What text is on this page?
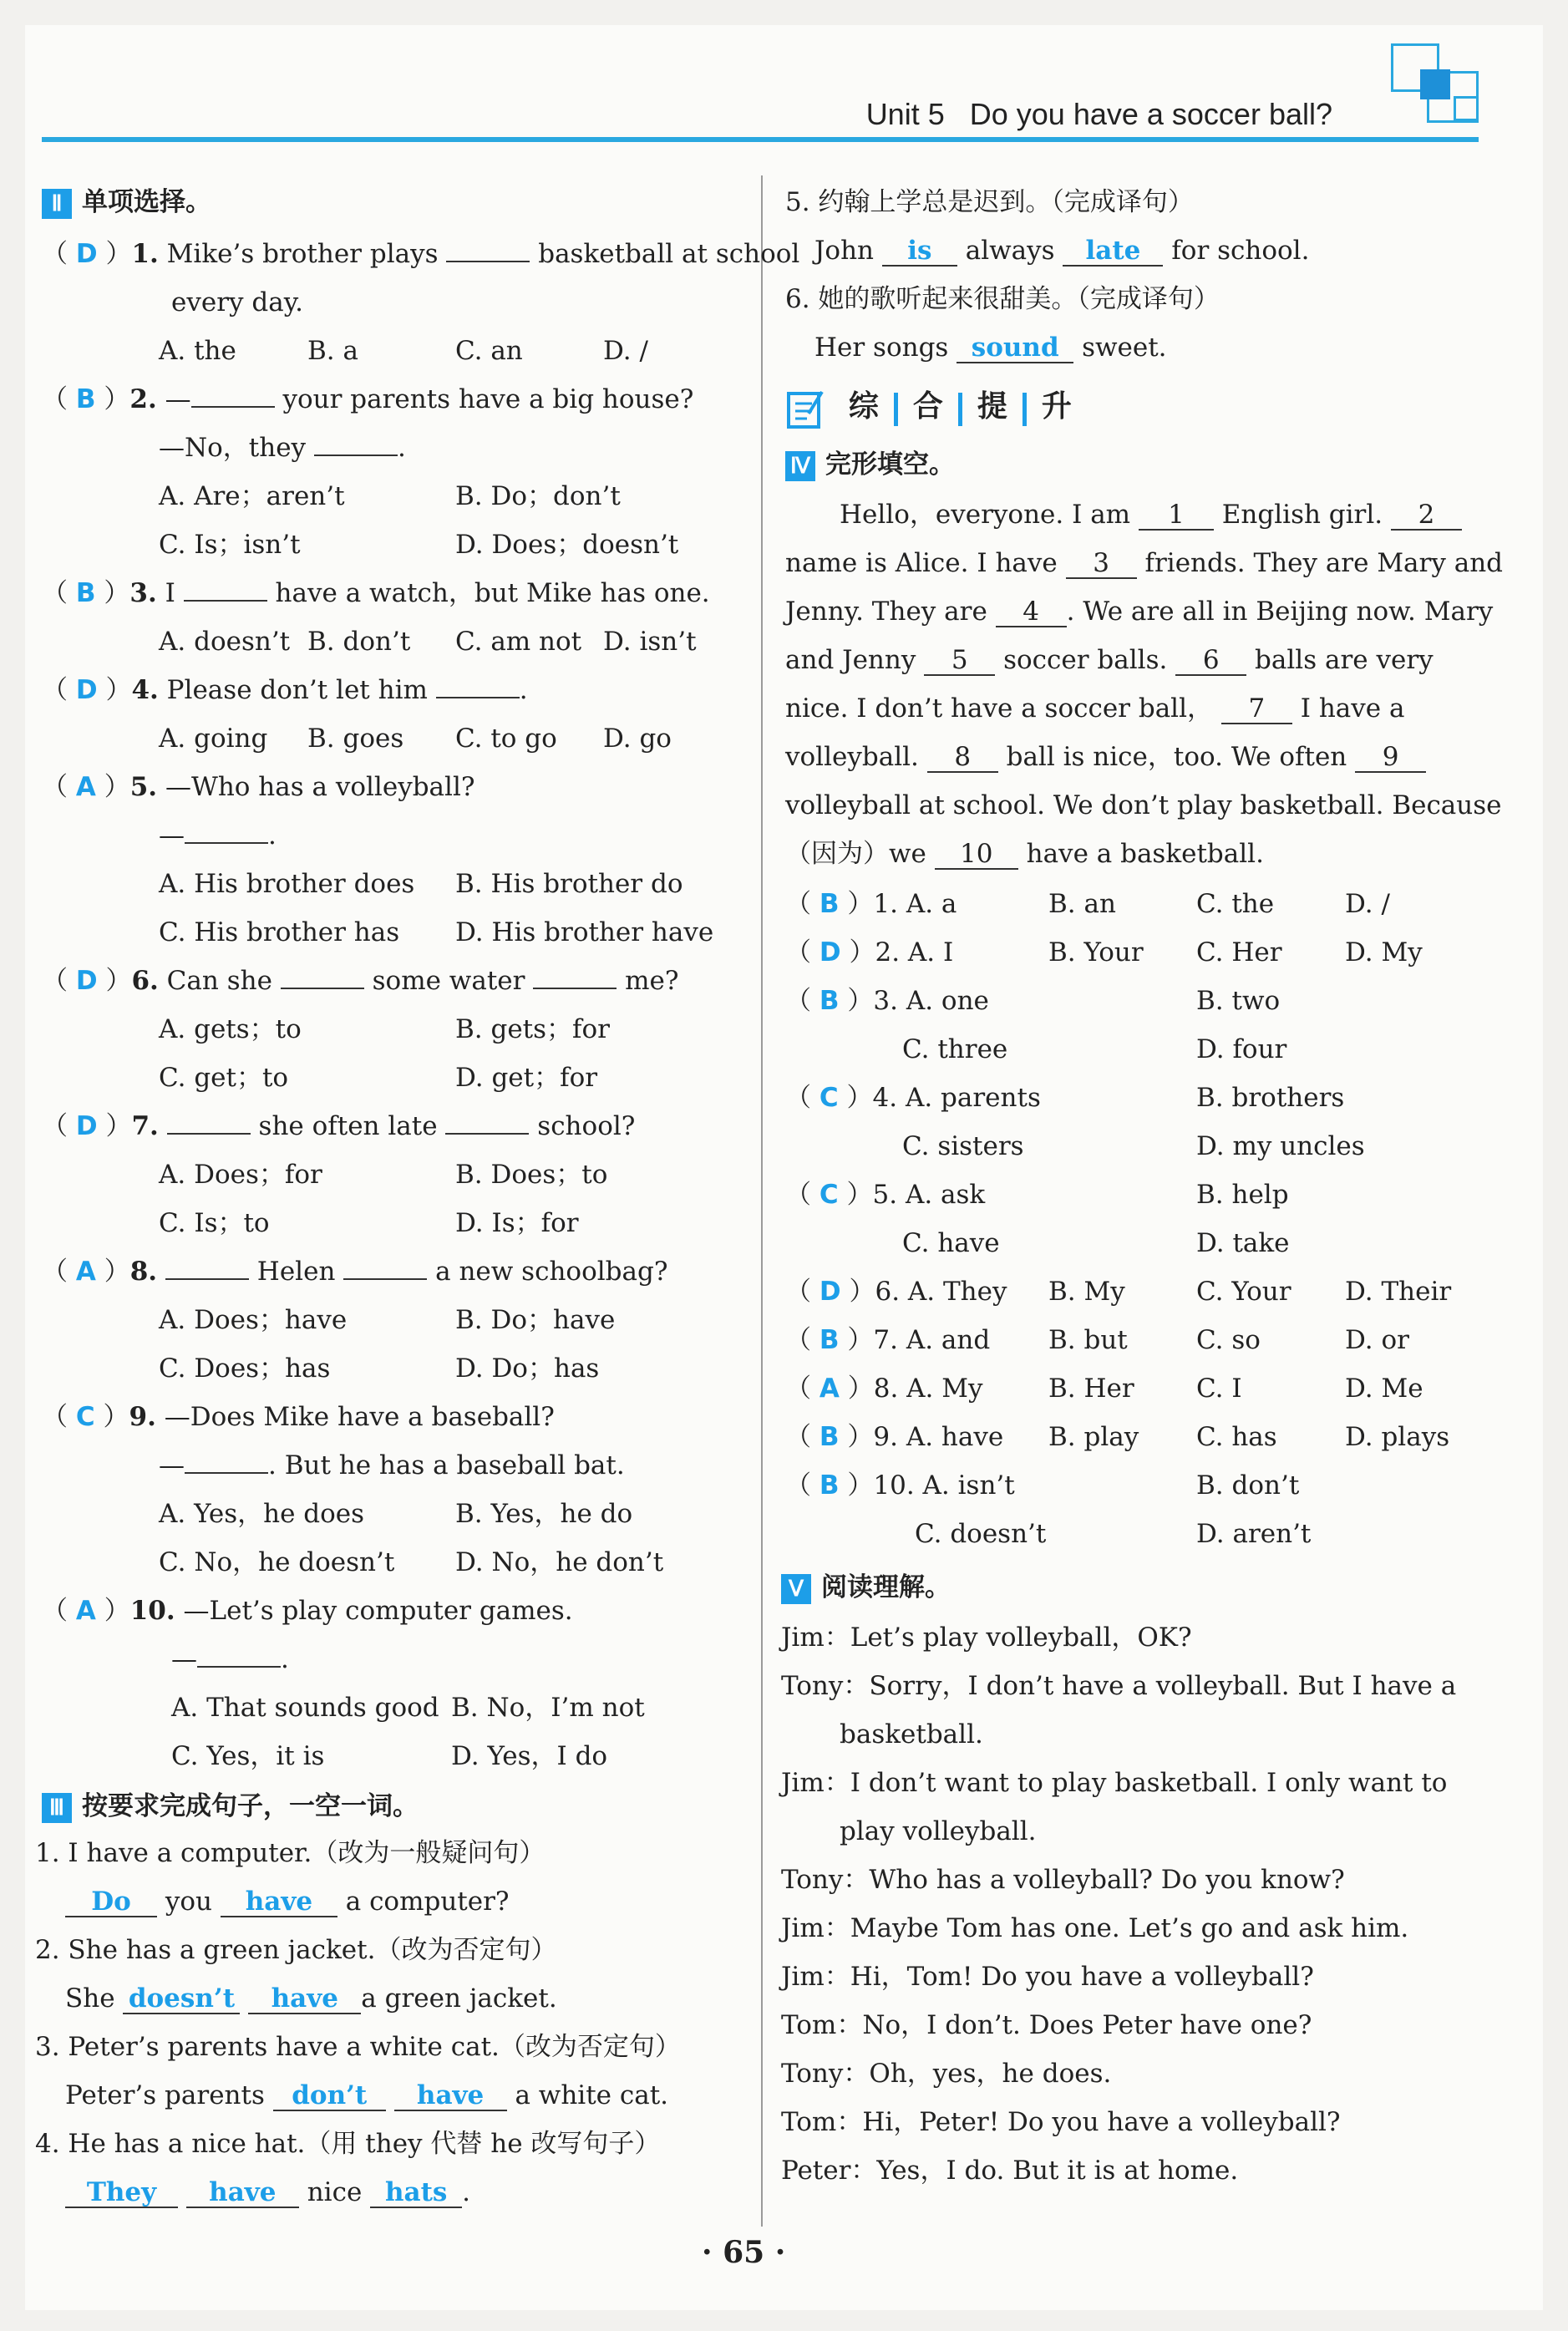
Unit 5 Do you have a soccer ball?
Ⅱ 单项选择。
（ D ）1. Mike’s brother plays	basketball at school
every day.
A. the	B. a	C. an	D. /
（ B ）2. —	your parents have a big house?
—No，they	.
A. Are；aren’t	B. Do；don’t
C. Is；isn’t	D. Does；doesn’t
（ B ）3. I	have a watch，but Mike has one.
A. doesn’t B. don’t C. am not D. isn’t
（ D ）4. Please don’t let him	.
A. going B. goes C. to go D. go
（ A ）5. —Who has a volleyball?
—	.
A. His brother does B. His brother do
C. His brother has D. His brother have
（ D ）6. Can she	some water	me?
A. gets；to	B. gets；for
C. get；to	D. get；for
（ D ）7.	she often late	school?
A. Does；for	B. Does；to
C. Is；to	D. Is；for
（ A ）8.	Helen	a new schoolbag?
A. Does；have	B. Do；have
C. Does；has	D. Do；has
（ C ）9. —Does Mike have a baseball?
—	. But he has a baseball bat.
A. Yes，he does	B. Yes，he do
C. No，he doesn’t D. No，he don’t
（ A ）10. —Let’s play computer games.
—	.
A. That sounds good B. No，I’m not
C. Yes，it is	D. Yes，I do
Ⅲ 按要求完成句子，一空一词。
1. I have a computer.（改为一般疑问句）
Do you have a computer?
2. She has a green jacket.（改为否定句）
She doesn’t have a green jacket.
3. Peter’s parents have a white cat.（改为否定句）
Peter’s parents don’t have a white cat.
4. He has a nice hat.（用 they 代替 he 改写句子）
They have nice hats .
5. 约翰上学总是迟到。（完成译句）
John is always late for school.
6. 她的歌听起来很甜美。（完成译句）
Her songs sound sweet.
综 合 提 升
Ⅳ 完形填空。
Hello，everyone. I am 1 English girl. 2
name is Alice. I have 3 friends. They are Mary and
Jenny. They are 4 . We are all in Beijing now. Mary
and Jenny 5 soccer balls. 6 balls are very
nice. I don’t have a soccer ball， 7 I have a
volleyball. 8 ball is nice，too. We often 9
volleyball at school. We don’t play basketball. Because
（因为）we 10 have a basketball.
（ B ）1. A. a	B. an	C. the	D. /
（ D ）2. A. I	B. Your C. Her D. My
（ B ）3. A. one	B. two
C. three	D. four
（ C ）4. A. parents	B. brothers
C. sisters	D. my uncles
（ C ）5. A. ask	B. help
C. have	D. take
（ D ）6. A. They B. My	C. Your D. Their
（ B ）7. A. and B. but	C. so	D. or
（ A ）8. A. My	B. Her C. I	D. Me
（ B ）9. A. have B. play C. has	D. plays
（ B ）10. A. isn’t	B. don’t
C. doesn’t	D. aren’t
Ⅴ 阅读理解。
Jim：Let’s play volleyball，OK?
Tony：Sorry，I don’t have a volleyball. But I have a
basketball.
Jim：I don’t want to play basketball. I only want to
play volleyball.
Tony：Who has a volleyball? Do you know?
Jim：Maybe Tom has one. Let’s go and ask him.
Jim：Hi，Tom! Do you have a volleyball?
Tom：No，I don’t. Does Peter have one?
Tony：Oh，yes，he does.
Tom：Hi，Peter! Do you have a volleyball?
Peter：Yes，I do. But it is at home.
· 65 ·
